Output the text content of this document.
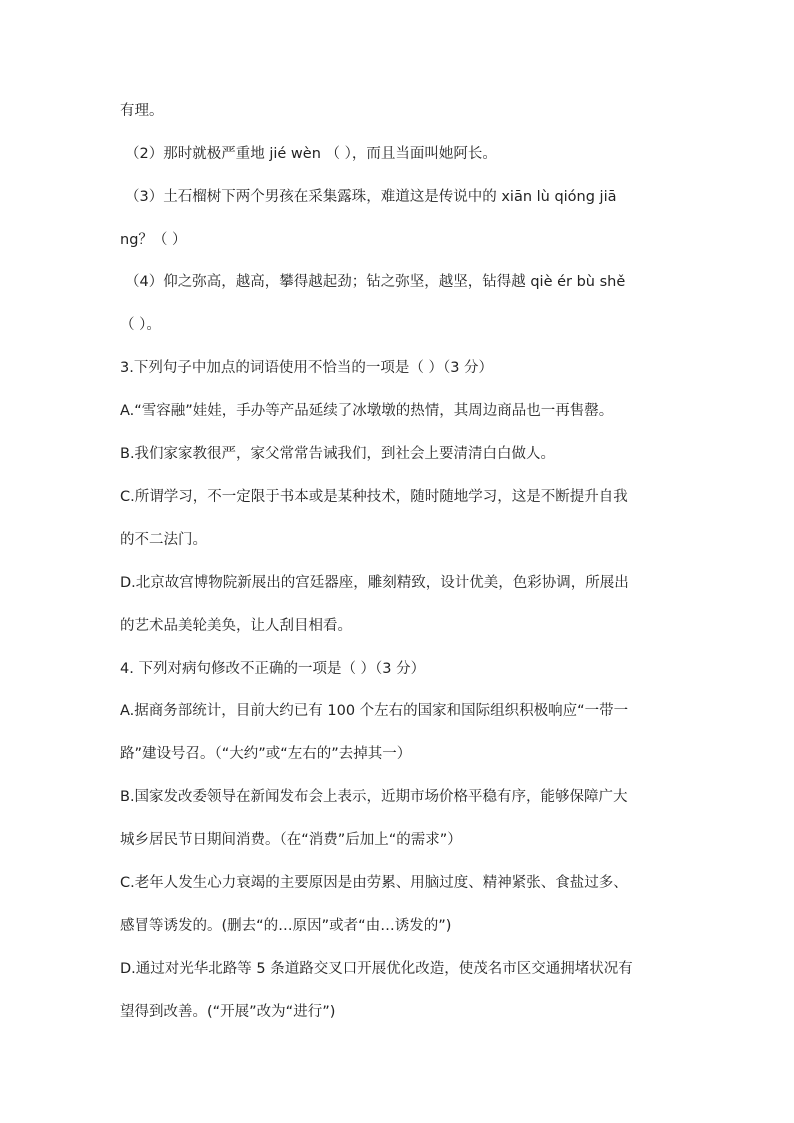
有理。
（2）那时就极严重地 jié wèn （ ），而且当面叫她阿长。
（3）土石榴树下两个男孩在采集露珠，难道这是传说中的 xiān lù qióng jiā
ng？（ ）
（4）仰之弥高，越高，攀得越起劲；钻之弥坚，越坚，钻得越 qiè ér bù shě
（ ）。
3.下列句子中加点的词语使用不恰当的一项是（ ）（3 分）
A.“雪容融”娃娃，手办等产品延续了冰墩墩的热情，其周边商品也一再售罄。
B.我们家家教很严，家父常常告诫我们，到社会上要清清白白做人。
C.所谓学习，不一定限于书本或是某种技术，随时随地学习，这是不断提升自我
的不二法门。
D.北京故宫博物院新展出的宫廷器座，雕刻精致，设计优美，色彩协调，所展出
的艺术品美轮美奂，让人刮目相看。
4. 下列对病句修改不正确的一项是（ ）（3 分）
A.据商务部统计，目前大约已有 100 个左右的国家和国际组织积极响应“一带一
路”建设号召。（“大约”或“左右的”去掉其一）
B.国家发改委领导在新闻发布会上表示，近期市场价格平稳有序，能够保障广大
城乡居民节日期间消费。（在“消费”后加上“的需求”）
C.老年人发生心力衰竭的主要原因是由劳累、用脑过度、精神紧张、食盐过多、
感冒等诱发的。(删去“的…原因”或者“由…诱发的”)
D.通过对光华北路等 5 条道路交叉口开展优化改造，使茂名市区交通拥堵状况有
望得到改善。(“开展”改为“进行”)
